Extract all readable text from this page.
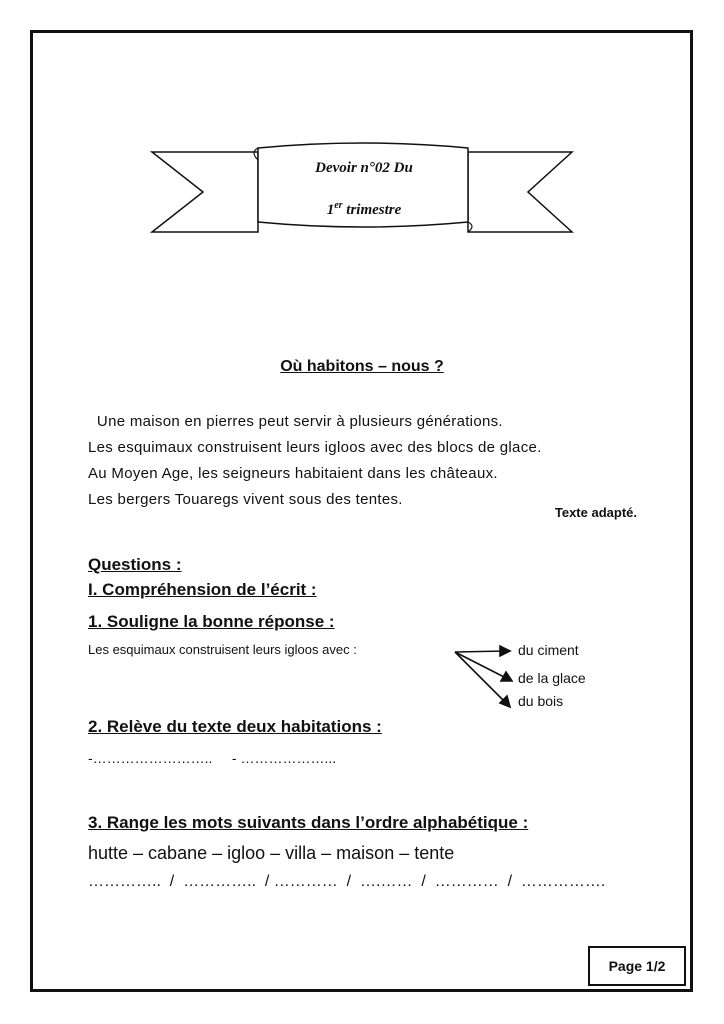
Devoir n°02 Du
1er trimestre
Où habitons – nous ?
Une maison en pierres peut servir à plusieurs générations.
Les esquimaux construisent leurs igloos avec des blocs de glace.
Au Moyen Age, les seigneurs habitaient dans les châteaux.
Les bergers Touaregs vivent sous des tentes.
Texte adapté.
Questions :
I. Compréhension de l’écrit :
1. Souligne la bonne réponse :
Les esquimaux construisent leurs igloos avec :	du ciment
de la glace
du bois
2. Relève du texte deux habitations :
-……………………..     - ………………...
3. Range les mots suivants dans l’ordre alphabétique :
hutte – cabane – igloo – villa – maison – tente
…………..  /  …………..  / …………  /  ….……  /  …………  /  …………….
Page 1/2
